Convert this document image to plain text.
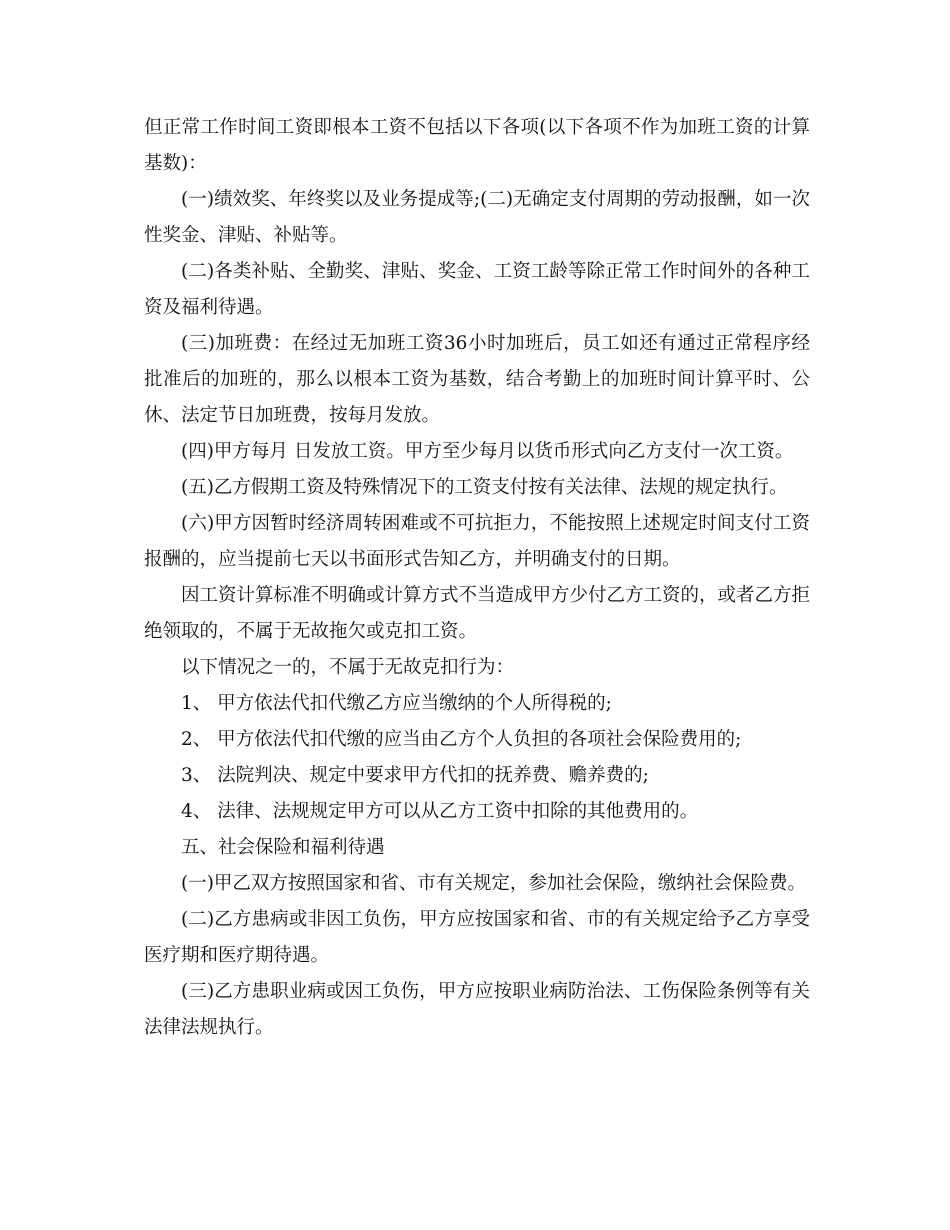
但正常工作时间工资即根本工资不包括以下各项(以下各项不作为加班工资的计算基数)：

(一)绩效奖、年终奖以及业务提成等;(二)无确定支付周期的劳动报酬，如一次性奖金、津贴、补贴等。

(二)各类补贴、全勤奖、津贴、奖金、工资工龄等除正常工作时间外的各种工资及福利待遇。

(三)加班费：在经过无加班工资36小时加班后，员工如还有通过正常程序经批准后的加班的，那么以根本工资为基数，结合考勤上的加班时间计算平时、公休、法定节日加班费，按每月发放。

(四)甲方每月 日发放工资。甲方至少每月以货币形式向乙方支付一次工资。

(五)乙方假期工资及特殊情况下的工资支付按有关法律、法规的规定执行。

(六)甲方因暂时经济周转困难或不可抗拒力，不能按照上述规定时间支付工资报酬的，应当提前七天以书面形式告知乙方，并明确支付的日期。

因工资计算标准不明确或计算方式不当造成甲方少付乙方工资的，或者乙方拒绝领取的，不属于无故拖欠或克扣工资。

以下情况之一的，不属于无故克扣行为：

1、 甲方依法代扣代缴乙方应当缴纳的个人所得税的;

2、 甲方依法代扣代缴的应当由乙方个人负担的各项社会保险费用的;

3、 法院判决、规定中要求甲方代扣的抚养费、赡养费的;

4、 法律、法规规定甲方可以从乙方工资中扣除的其他费用的。

五、社会保险和福利待遇

(一)甲乙双方按照国家和省、市有关规定，参加社会保险，缴纳社会保险费。

(二)乙方患病或非因工负伤，甲方应按国家和省、市的有关规定给予乙方享受医疗期和医疗期待遇。

(三)乙方患职业病或因工负伤，甲方应按职业病防治法、工伤保险条例等有关法律法规执行。
